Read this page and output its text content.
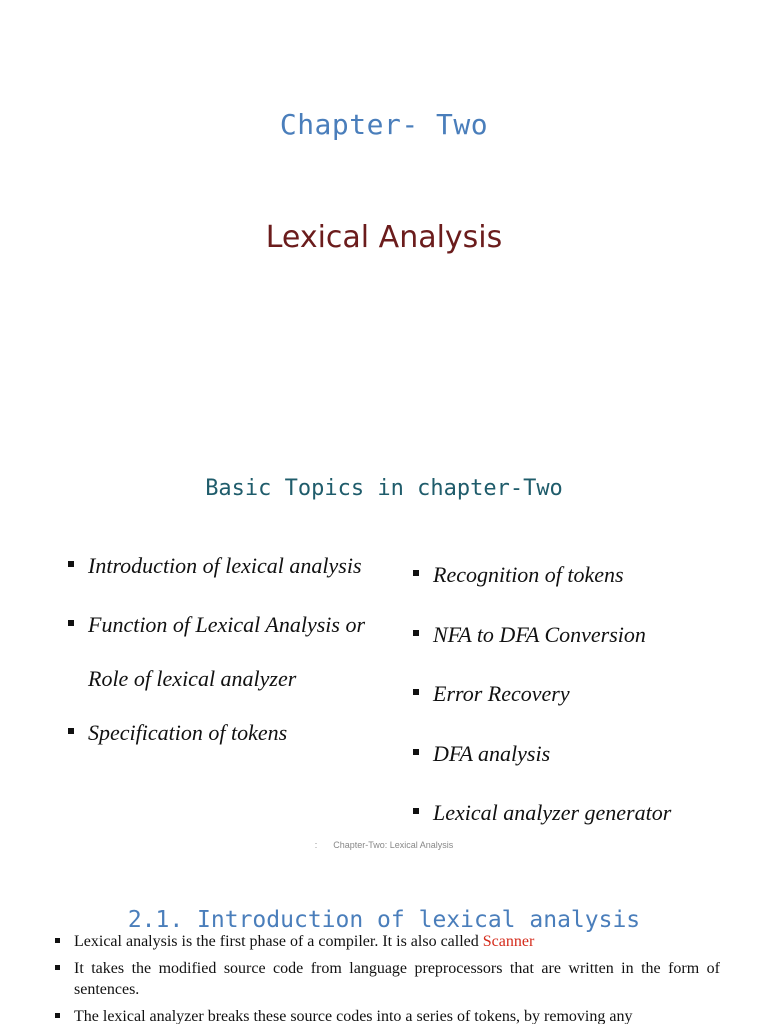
Chapter- Two
Lexical Analysis
Basic Topics in chapter-Two
Introduction of lexical analysis
Function of Lexical Analysis or
Role of lexical analyzer
Specification of tokens
Recognition of tokens
NFA to DFA Conversion
Error Recovery
DFA analysis
Lexical analyzer generator
: Chapter-Two: Lexical Analysis
2.1. Introduction of lexical analysis
Lexical analysis is the first phase of a compiler. It is also called Scanner
It takes the modified source code from language preprocessors that are written in the form of sentences.
The lexical analyzer breaks these source codes into a series of tokens, by removing any
